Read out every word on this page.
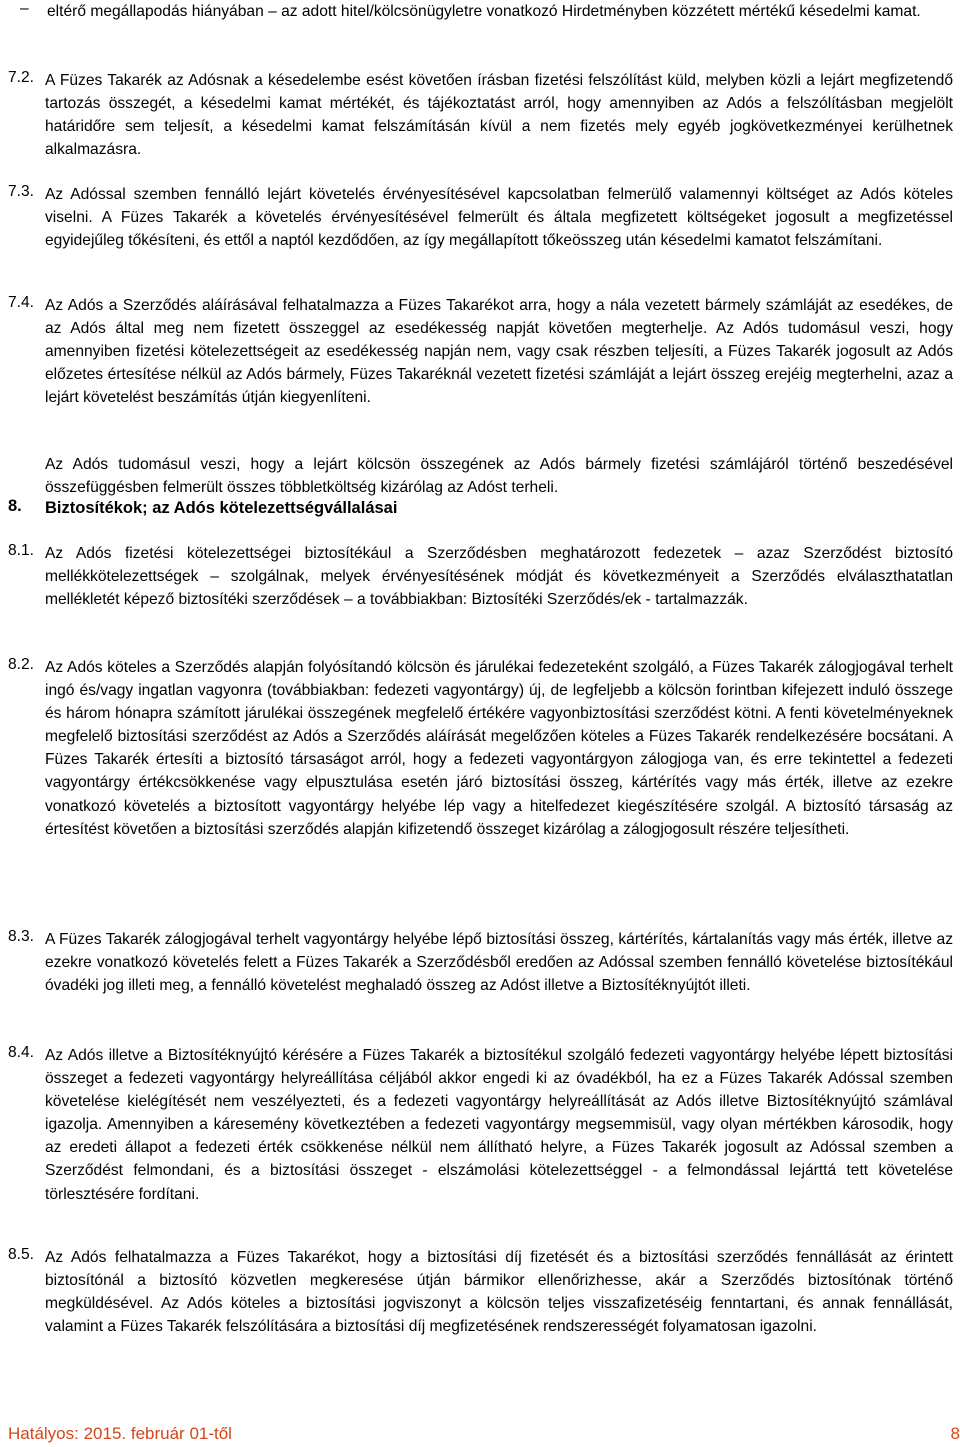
– eltérő megállapodás hiányában – az adott hitel/kölcsönügyletre vonatkozó Hirdetményben közzétett mértékű késedelmi kamat.

7.2. A Füzes Takarék az Adósnak a késedelembe esést követően írásban fizetési felszólítást küld, melyben közli a lejárt megfizetendő tartozás összegét, a késedelmi kamat mértékét, és tájékoztatást arról, hogy amennyiben az Adós a felszólításban megjelölt határidőre sem teljesít, a késedelmi kamat felszámításán kívül a nem fizetés mely egyéb jogkövetkezményei kerülhetnek alkalmazásra.

7.3. Az Adóssal szemben fennálló lejárt követelés érvényesítésével kapcsolatban felmerülő valamennyi költséget az Adós köteles viselni. A Füzes Takarék a követelés érvényesítésével felmerült és általa megfizetett költségeket jogosult a megfizetéssel egyidejűleg tőkésíteni, és ettől a naptól kezdődően, az így megállapított tőkeösszeg után késedelmi kamatot felszámítani.

7.4. Az Adós a Szerződés aláírásával felhatalmazza a Füzes Takarékot arra, hogy a nála vezetett bármely számláját az esedékes, de az Adós által meg nem fizetett összeggel az esedékesség napját követően megterhelje. Az Adós tudomásul veszi, hogy amennyiben fizetési kötelezettségeit az esedékesség napján nem, vagy csak részben teljesíti, a Füzes Takarék jogosult az Adós előzetes értesítése nélkül az Adós bármely, Füzes Takaréknál vezetett fizetési számláját a lejárt összeg erejéig megterhelni, azaz a lejárt követelést beszámítás útján kiegyenlíteni.

Az Adós tudomásul veszi, hogy a lejárt kölcsön összegének az Adós bármely fizetési számlájáról történő beszedésével összefüggésben felmerült összes többletköltség kizárólag az Adóst terheli.

8. Biztosítékok; az Adós kötelezettségvállalásai

8.1. Az Adós fizetési kötelezettségei biztosítékául a Szerződésben meghatározott fedezetek – azaz Szerződést biztosító mellékkötelezettségek – szolgálnak, melyek érvényesítésének módját és következményeit a Szerződés elválaszthatatlan mellékletét képező biztosítéki szerződések – a továbbiakban: Biztosítéki Szerződés/ek - tartalmazzák.

8.2. Az Adós köteles a Szerződés alapján folyósítandó kölcsön és járulékai fedezeteként szolgáló, a Füzes Takarék zálogjogával terhelt ingó és/vagy ingatlan vagyonra (továbbiakban: fedezeti vagyontárgy) új, de legfeljebb a kölcsön forintban kifejezett induló összege és három hónapra számított járulékai összegének megfelelő értékére vagyonbiztosítási szerződést kötni. A fenti követelményeknek megfelelő biztosítási szerződést az Adós a Szerződés aláírását megelőzően köteles a Füzes Takarék rendelkezésére bocsátani. A Füzes Takarék értesíti a biztosító társaságot arról, hogy a fedezeti vagyontárgyon zálogjoga van, és erre tekintettel a fedezeti vagyontárgy értékcsökkenése vagy elpusztulása esetén járó biztosítási összeg, kártérítés vagy más érték, illetve az ezekre vonatkozó követelés a biztosított vagyontárgy helyébe lép vagy a hitelfedezet kiegészítésére szolgál. A biztosító társaság az értesítést követően a biztosítási szerződés alapján kifizetendő összeget kizárólag a zálogjogosult részére teljesítheti.

8.3. A Füzes Takarék zálogjogával terhelt vagyontárgy helyébe lépő biztosítási összeg, kártérítés, kártalanítás vagy más érték, illetve az ezekre vonatkozó követelés felett a Füzes Takarék a Szerződésből eredően az Adóssal szemben fennálló követelése biztosítékául óvadéki jog illeti meg, a fennálló követelést meghaladó összeg az Adóst illetve a Biztosítéknyújtót illeti.

8.4. Az Adós illetve a Biztosítéknyújtó kérésére a Füzes Takarék a biztosítékul szolgáló fedezeti vagyontárgy helyébe lépett biztosítási összeget a fedezeti vagyontárgy helyreállítása céljából akkor engedi ki az óvadékból, ha ez a Füzes Takarék Adóssal szemben követelése kielégítését nem veszélyezteti, és a fedezeti vagyontárgy helyreállítását az Adós illetve Biztosítéknyújtó számlával igazolja. Amennyiben a káresemény következtében a fedezeti vagyontárgy megsemmisül, vagy olyan mértékben károsodik, hogy az eredeti állapot a fedezeti érték csökkenése nélkül nem állítható helyre, a Füzes Takarék jogosult az Adóssal szemben a Szerződést felmondani, és a biztosítási összeget - elszámolási kötelezettséggel - a felmondással lejárttá tett követelése törlesztésére fordítani.

8.5. Az Adós felhatalmazza a Füzes Takarékot, hogy a biztosítási díj fizetését és a biztosítási szerződés fennállását az érintett biztosítónál a biztosító közvetlen megkeresése útján bármikor ellenőrizhesse, akár a Szerződés biztosítónak történő megküldésével. Az Adós köteles a biztosítási jogviszonyt a kölcsön teljes visszafizetéséig fenntartani, és annak fennállását, valamint a Füzes Takarék felszólítására a biztosítási díj megfizetésének rendszerességét folyamatosan igazolni.

Hatályos: 2015. február 01-től	8
